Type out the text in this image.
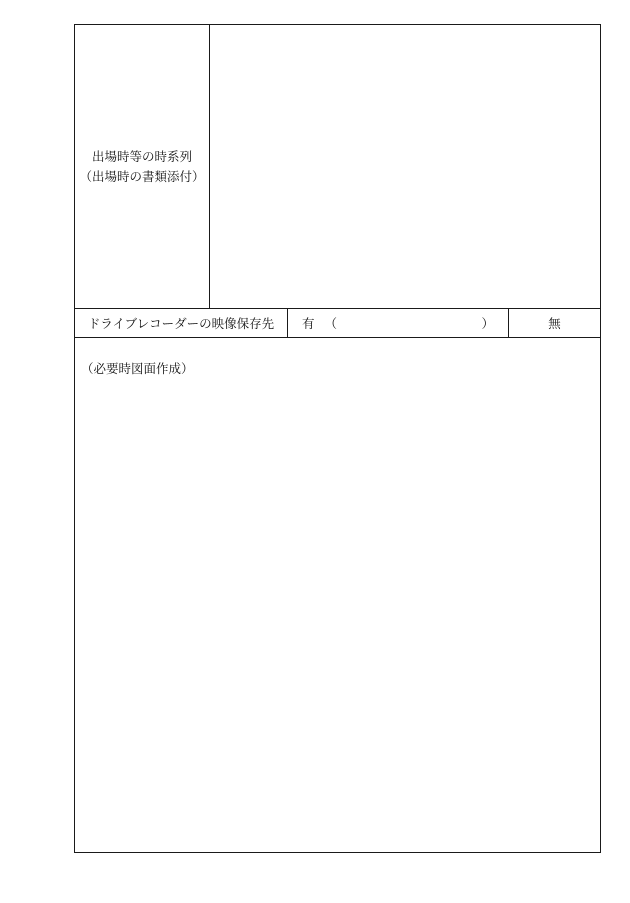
出場時等の時系列
（出場時の書類添付）
ドライブレコーダーの映像保存先	有 （	）	無
（必要時図面作成）
